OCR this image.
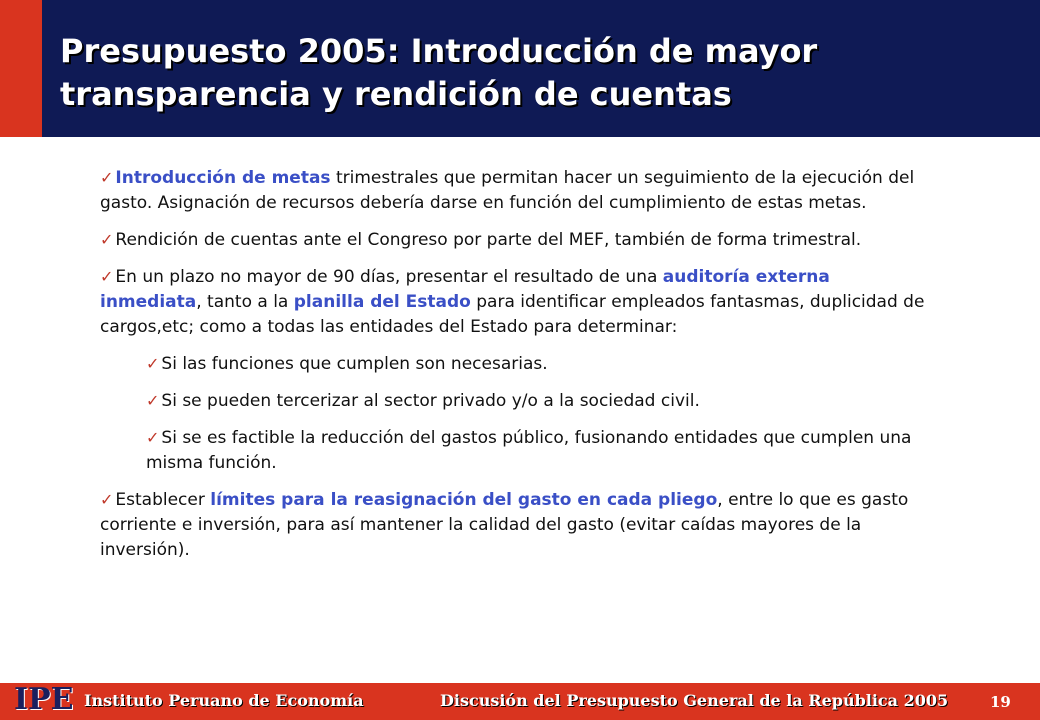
Presupuesto 2005: Introducción de mayor
transparencia y rendición de cuentas
✓ Introducción de metas trimestrales que permitan hacer un seguimiento de la ejecución del gasto. Asignación de recursos debería darse en función del cumplimiento de estas metas.
✓ Rendición de cuentas ante el Congreso por parte del MEF, también de forma trimestral.
✓ En un plazo no mayor de 90 días, presentar el resultado de una auditoría externa inmediata, tanto a la planilla del Estado para identificar empleados fantasmas, duplicidad de cargos,etc; como a todas las entidades del Estado para determinar:
✓ Si las funciones que cumplen son necesarias.
✓ Si se pueden tercerizar al sector privado y/o a la sociedad civil.
✓ Si se es factible la reducción del gastos público, fusionando entidades que cumplen una misma función.
✓ Establecer límites para la reasignación del gasto en cada pliego, entre lo que es gasto corriente e inversión, para así mantener la calidad del gasto (evitar caídas mayores de la inversión).
IPE Instituto Peruano de Economía	Discusión del Presupuesto General de la República 2005	19
